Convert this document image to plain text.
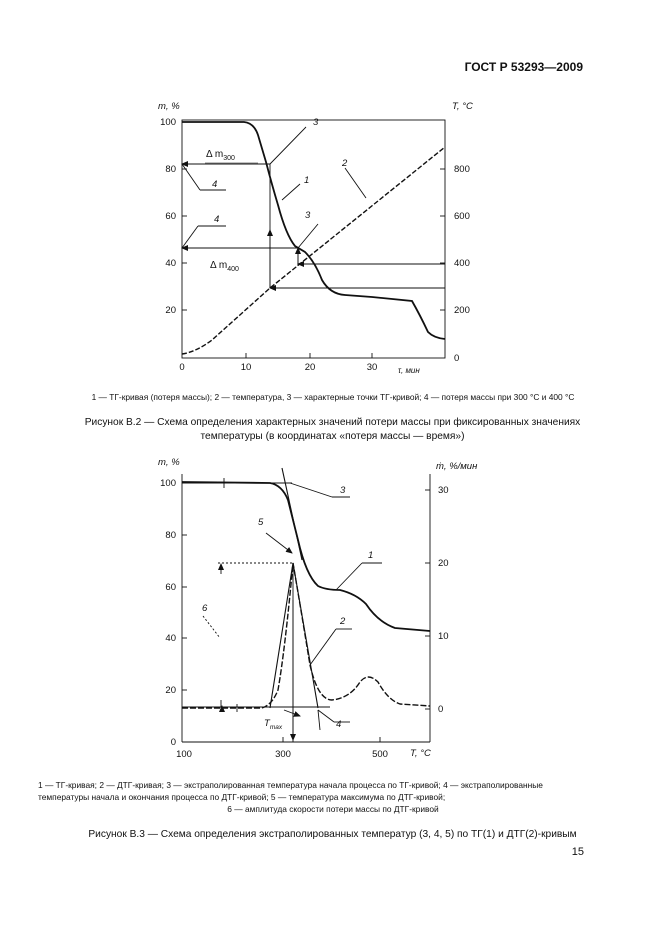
ГОСТ Р 53293—2009
m, %	T, °C
τ, мин
100
80
60
40
20
800
600
400
200
0
0	10	20	30
3
1
2
3
4
4
Δ $m_{300}$
Δ $m_{400}$
m, %	ṁ, %/мин
T, °C
100
80
60
40
20
0
30
20
10
0
100	300	500
3
5
1
6
2
4
$T_{max}$
1 — ТГ-кривая (потеря массы); 2 — температура, 3 — характерные точки ТГ-кривой; 4 — потеря массы при 300 °С и 400 °С
Рисунок В.2 — Схема определения характерных значений потери массы при фиксированных значениях
температуры (в координатах «потеря массы — время»)
1 — ТГ-кривая; 2 — ДТГ-кривая; 3 — экстраполированная температура начала процесса по ТГ-кривой; 4 — экстраполированные
температуры начала и окончания процесса по ДТГ-кривой; 5 — температура максимума по ДТГ-кривой;
6 — амплитуда скорости потери массы по ДТГ-кривой
Рисунок В.3 — Схема определения экстраполированных температур (3, 4, 5) по ТГ(1) и ДТГ(2)-кривым
15
